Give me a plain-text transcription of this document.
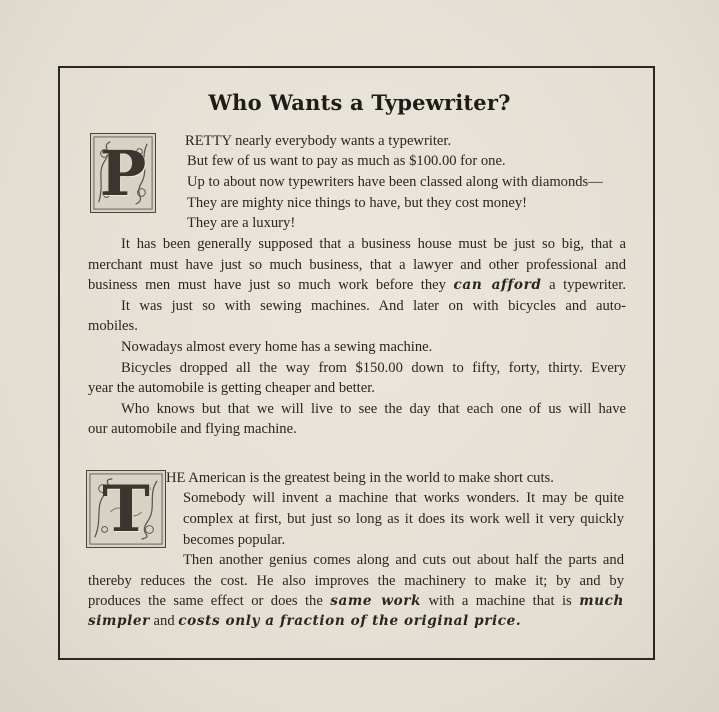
Who Wants a Typewriter?
P	RETTY nearly everybody wants a typewriter.
But few of us want to pay as much as $100.00 for one.
Up to about now typewriters have been classed along with diamonds—
They are mighty nice things to have, but they cost money!
They are a luxury!
It has been generally supposed that a business house must be just so big, that a
merchant must have just so much business, that a lawyer and other professional and
business men must have just so much work before they can afford a typewriter.
It was just so with sewing machines. And later on with bicycles and auto-
mobiles.
Nowadays almost every home has a sewing machine.
Bicycles dropped all the way from $150.00 down to fifty, forty, thirty. Every
year the automobile is getting cheaper and better.
Who knows but that we will live to see the day that each one of us will have
our automobile and flying machine.
T HE American is the greatest being in the world to make short cuts.
Somebody will invent a machine that works wonders. It may be quite
complex at first, but just so long as it does its work well it very quickly
becomes popular.
Then another genius comes along and cuts out about half the parts and
thereby reduces the cost. He also improves the machinery to make it; by and by
produces the same effect or does the same work with a machine that is much
simpler and costs only a fraction of the original price.
